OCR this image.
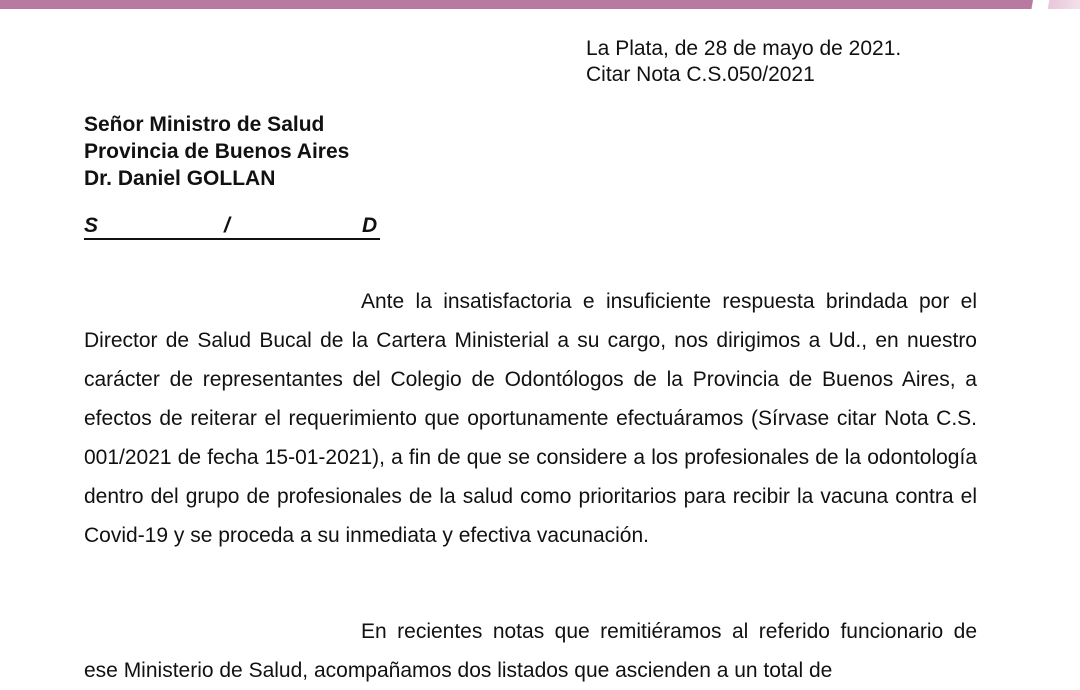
La Plata, de 28 de mayo de 2021.
Citar Nota C.S.050/2021
Señor Ministro de Salud
Provincia de Buenos Aires
Dr. Daniel GOLLAN
S	/	D

Ante la insatisfactoria e insuficiente respuesta brindada por el Director de Salud Bucal de la Cartera Ministerial a su cargo, nos dirigimos a Ud., en nuestro carácter de representantes del Colegio de Odontólogos de la Provincia de Buenos Aires, a efectos de reiterar el requerimiento que oportunamente efectuáramos (Sírvase citar Nota C.S. 001/2021 de fecha 15-01-2021), a fin de que se considere a los profesionales de la odontología dentro del grupo de profesionales de la salud como prioritarios para recibir la vacuna contra el Covid-19 y se proceda a su inmediata y efectiva vacunación.

En recientes notas que remitiéramos al referido funcionario de ese Ministerio de Salud, acompañamos dos listados que ascienden a un total de
